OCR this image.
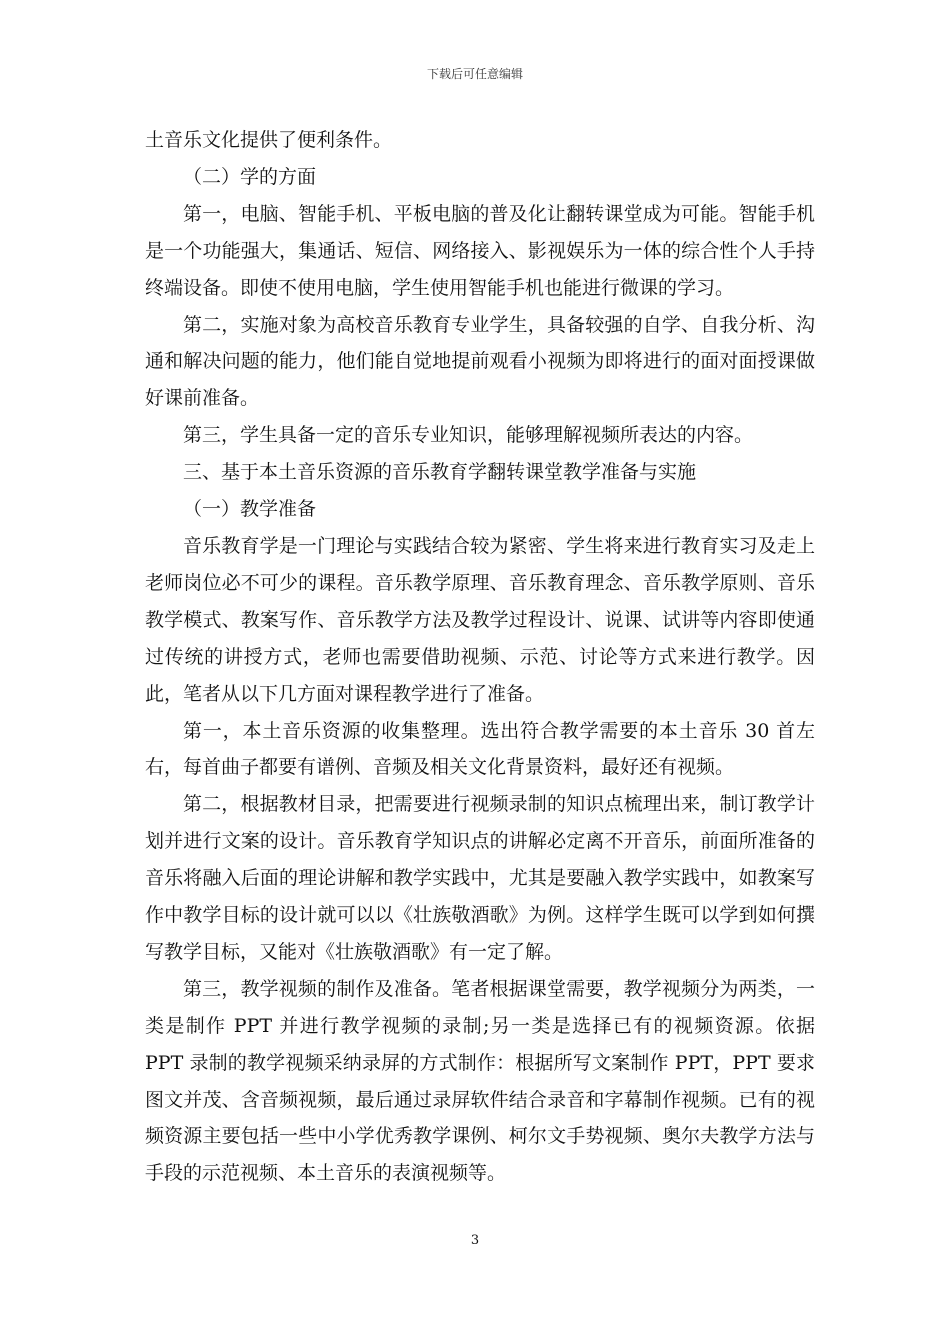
下载后可任意编辑

土音乐文化提供了便利条件。

（二）学的方面

第一，电脑、智能手机、平板电脑的普及化让翻转课堂成为可能。智能手机是一个功能强大，集通话、短信、网络接入、影视娱乐为一体的综合性个人手持终端设备。即使不使用电脑，学生使用智能手机也能进行微课的学习。

第二，实施对象为高校音乐教育专业学生，具备较强的自学、自我分析、沟通和解决问题的能力，他们能自觉地提前观看小视频为即将进行的面对面授课做好课前准备。

第三，学生具备一定的音乐专业知识，能够理解视频所表达的内容。

三、基于本土音乐资源的音乐教育学翻转课堂教学准备与实施

（一）教学准备

音乐教育学是一门理论与实践结合较为紧密、学生将来进行教育实习及走上老师岗位必不可少的课程。音乐教学原理、音乐教育理念、音乐教学原则、音乐教学模式、教案写作、音乐教学方法及教学过程设计、说课、试讲等内容即使通过传统的讲授方式，老师也需要借助视频、示范、讨论等方式来进行教学。因此，笔者从以下几方面对课程教学进行了准备。

第一，本土音乐资源的收集整理。选出符合教学需要的本土音乐 30 首左右，每首曲子都要有谱例、音频及相关文化背景资料，最好还有视频。

第二，根据教材目录，把需要进行视频录制的知识点梳理出来，制订教学计划并进行文案的设计。音乐教育学知识点的讲解必定离不开音乐，前面所准备的音乐将融入后面的理论讲解和教学实践中，尤其是要融入教学实践中，如教案写作中教学目标的设计就可以以《壮族敬酒歌》为例。这样学生既可以学到如何撰写教学目标，又能对《壮族敬酒歌》有一定了解。

第三，教学视频的制作及准备。笔者根据课堂需要，教学视频分为两类，一类是制作 PPT 并进行教学视频的录制;另一类是选择已有的视频资源。依据 PPT 录制的教学视频采纳录屏的方式制作：根据所写文案制作 PPT，PPT 要求图文并茂、含音频视频，最后通过录屏软件结合录音和字幕制作视频。已有的视频资源主要包括一些中小学优秀教学课例、柯尔文手势视频、奥尔夫教学方法与手段的示范视频、本土音乐的表演视频等。

3
